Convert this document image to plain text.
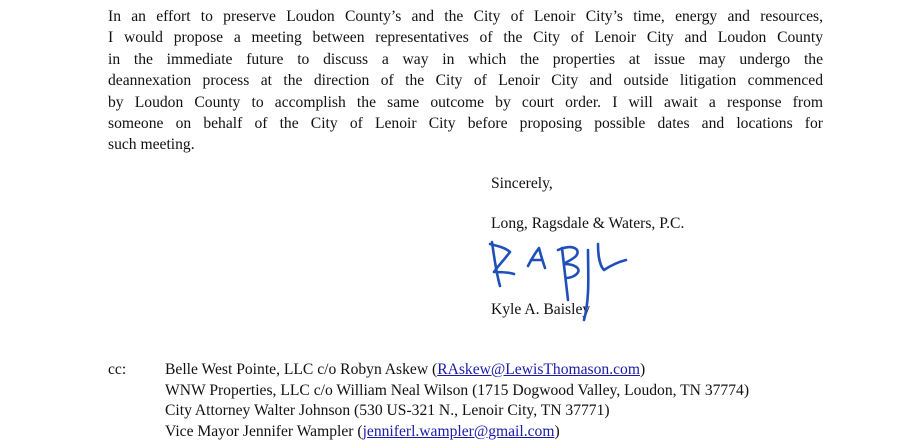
In an effort to preserve Loudon County’s and the City of Lenoir City’s time, energy and resources,
I would propose a meeting between representatives of the City of Lenoir City and Loudon County
in the immediate future to discuss a way in which the properties at issue may undergo the
deannexation process at the direction of the City of Lenoir City and outside litigation commenced
by Loudon County to accomplish the same outcome by court order. I will await a response from
someone on behalf of the City of Lenoir City before proposing possible dates and locations for
such meeting.
Sincerely,
Long, Ragsdale & Waters, P.C.
Kyle A. Baisley
cc: Belle West Pointe, LLC c/o Robyn Askew (RAskew@LewisThomason.com)
WNW Properties, LLC c/o William Neal Wilson (1715 Dogwood Valley, Loudon, TN 37774)
City Attorney Walter Johnson (530 US-321 N., Lenoir City, TN 37771)
Vice Mayor Jennifer Wampler (jenniferl.wampler@gmail.com)
